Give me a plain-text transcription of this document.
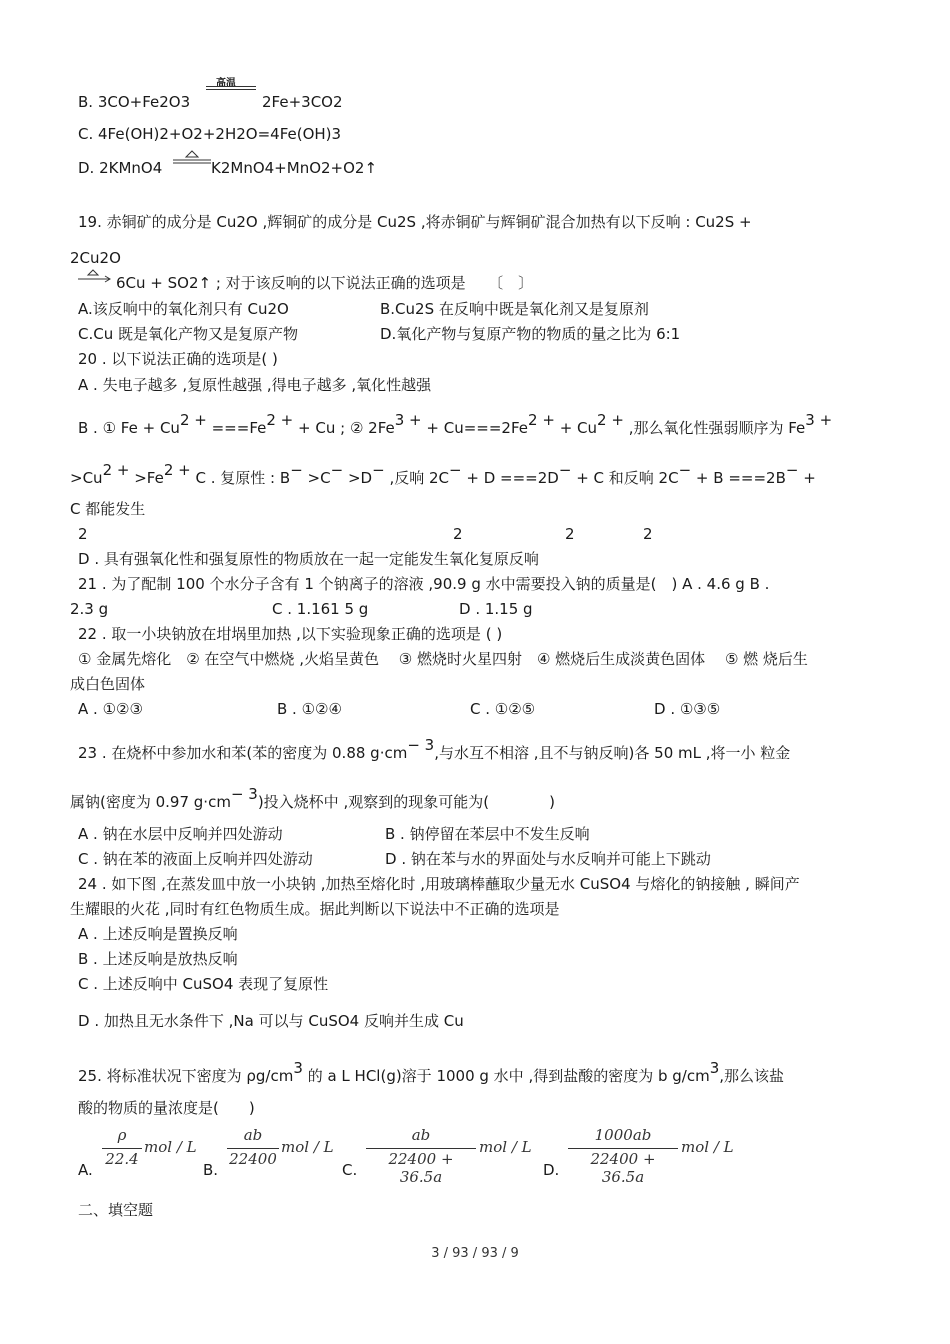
B. 3CO+Fe2O3
高温
2Fe+3CO2
C. 4Fe(OH)2+O2+2H2O=4Fe(OH)3
D. 2KMnO4	K2MnO4+MnO2+O2↑
19. 赤铜矿的成分是 Cu2O ,辉铜矿的成分是 Cu2S ,将赤铜矿与辉铜矿混合加热有以下反响 : Cu2S +
2Cu2O
6Cu + SO2↑ ; 对于该反响的以下说法正确的选项是　　〔　〕
A.该反响中的氧化剂只有 Cu2O	B.Cu2S 在反响中既是氧化剂又是复原剂
C.Cu 既是氧化产物又是复原产物	D.氧化产物与复原产物的物质的量之比为 6:1
20 . 以下说法正确的选项是( )
A . 失电子越多 ,复原性越强 ,得电子越多 ,氧化性越强
B . ① Fe + Cu2 + ===Fe2 + + Cu ; ② 2Fe3 + + Cu===2Fe2 + + Cu2 + ,那么氧化性强弱顺序为 Fe3 +
>Cu2 + >Fe2 + C . 复原性 : B− >C− >D− ,反响 2C− + D ===2D− + C 和反响 2C− + B ===2B− +
C 都能发生
2	2	2	2
D . 具有强氧化性和强复原性的物质放在一起一定能发生氧化复原反响
21 . 为了配制 100 个水分子含有 1 个钠离子的溶液 ,90.9 g 水中需要投入钠的质量是(　) A . 4.6 g B .
2.3 g	C . 1.161 5 g	D . 1.15 g
22 . 取一小块钠放在坩埚里加热 ,以下实验现象正确的选项是 ( )
① 金属先熔化　② 在空气中燃烧 ,火焰呈黄色　 ③ 燃烧时火星四射　④ 燃烧后生成淡黄色固体　 ⑤ 燃 烧后生
成白色固体
A . ①②③	B . ①②④	C . ①②⑤	D . ①③⑤
23 . 在烧杯中参加水和苯(苯的密度为 0.88 g·cm− 3,与水互不相溶 ,且不与钠反响)各 50 mL ,将一小 粒金
属钠(密度为 0.97 g·cm− 3)投入烧杯中 ,观察到的现象可能为(　　　　)
A . 钠在水层中反响并四处游动	B . 钠停留在苯层中不发生反响
C . 钠在苯的液面上反响并四处游动	D . 钠在苯与水的界面处与水反响并可能上下跳动
24 . 如下图 ,在蒸发皿中放一小块钠 ,加热至熔化时 ,用玻璃棒蘸取少量无水 CuSO4 与熔化的钠接触 , 瞬间产
生耀眼的火花 ,同时有红色物质生成。据此判断以下说法中不正确的选项是
A . 上述反响是置换反响
B . 上述反响是放热反响
C . 上述反响中 CuSO4 表现了复原性
D . 加热且无水条件下 ,Na 可以与 CuSO4 反响并生成 Cu
25. 将标准状况下密度为 ρg/cm3 的 a L HCl(g)溶于 1000 g 水中 ,得到盐酸的密度为 b g/cm3,那么该盐
酸的物质的量浓度是(　　)
A.
ρ
22.4
mol / L
B.
ab
22400
mol / L
C.
ab
22400 + 36.5a
mol / L
D.
1000ab
22400 + 36.5a
mol / L
二、填空题
3 / 93 / 93 / 9
